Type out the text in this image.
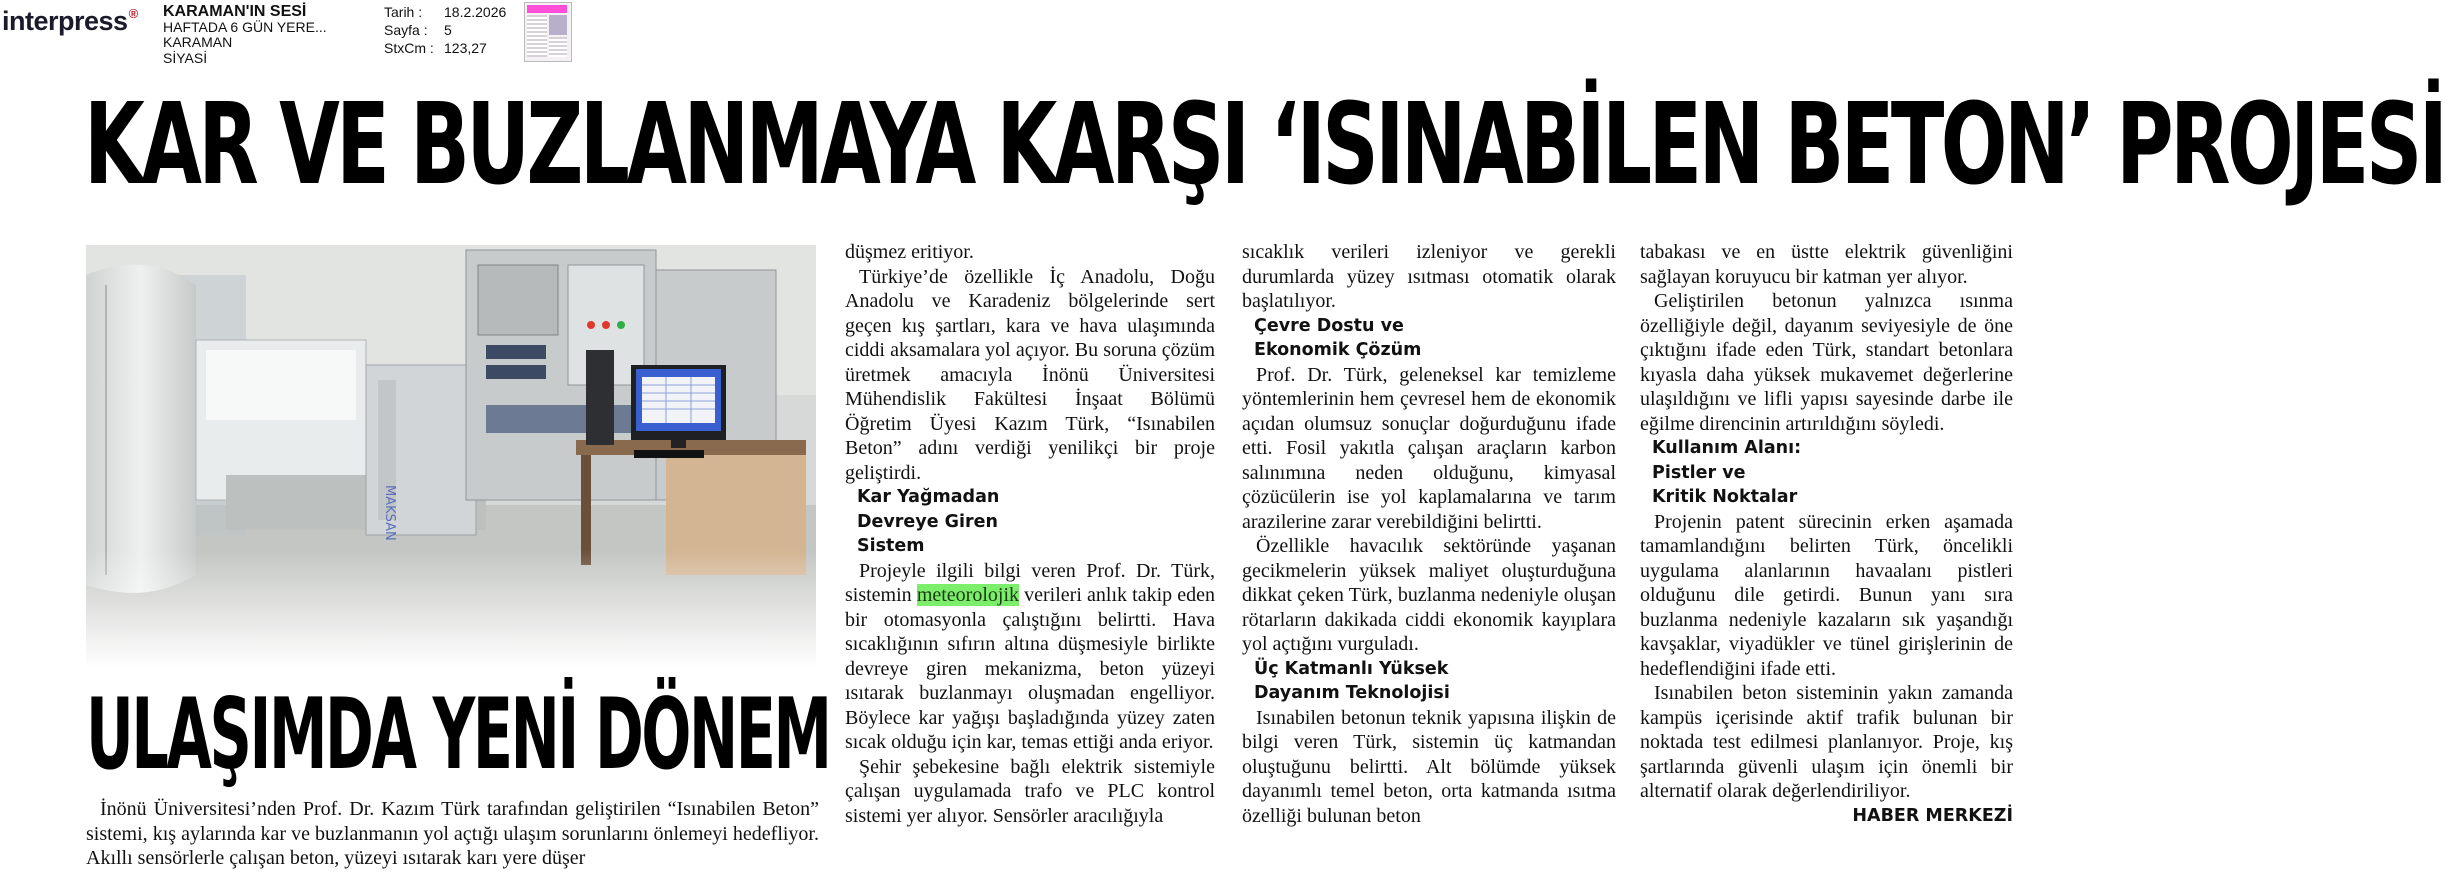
interpress® KARAMAN'IN SESİ
HAFTADA 6 GÜN YERE...
KARAMAN
SİYASİ
Tarih :	18.2.2026
Sayfa :	5
StxCm : 123,27
KAR VE BUZLANMAYA KARŞI ‘ISINABİLEN BETON’ PROJESİ
ULAŞIMDA YENİ DÖNEM

İnönü Üniversitesi’nden Prof. Dr. Kazım Türk tarafından geliştirilen “Isınabilen Beton” sistemi, kış aylarında kar ve buzlanmanın yol açtığı ulaşım sorunlarını önlemeyi hedefliyor. Akıllı sensörlerle çalışan beton, yüzeyi ısıtarak karı yere düşer

düşmez eritiyor.

Türkiye’de özellikle İç Anadolu, Doğu Anadolu ve Karadeniz bölgelerinde sert geçen kış şartları, kara ve hava ulaşımında ciddi aksamalara yol açıyor. Bu soruna çözüm üretmek amacıyla İnönü Üniversitesi Mühendislik Fakültesi İnşaat Bölümü Öğretim Üyesi Kazım Türk, “Isınabilen Beton” adını verdiği yenilikçi bir proje geliştirdi.

Kar Yağmadan
Devreye Giren
Sistem

Projeyle ilgili bilgi veren Prof. Dr. Türk, sistemin meteorolojik verileri anlık takip eden bir otomasyonla çalıştığını belirtti. Hava sıcaklığının sıfırın altına düşmesiyle birlikte devreye giren mekanizma, beton yüzeyi ısıtarak buzlanmayı oluşmadan engelliyor. Böylece kar yağışı başladığında yüzey zaten sıcak olduğu için kar, temas ettiği anda eriyor.

Şehir şebekesine bağlı elektrik sistemiyle çalışan uygulamada trafo ve PLC kontrol sistemi yer alıyor. Sensörler aracılığıyla

sıcaklık verileri izleniyor ve gerekli durumlarda yüzey ısıtması otomatik olarak başlatılıyor.

Çevre Dostu ve
Ekonomik Çözüm

Prof. Dr. Türk, geleneksel kar temizleme yöntemlerinin hem çevresel hem de ekonomik açıdan olumsuz sonuçlar doğurduğunu ifade etti. Fosil yakıtla çalışan araçların karbon salınımına neden olduğunu, kimyasal çözücülerin ise yol kaplamalarına ve tarım arazilerine zarar verebildiğini belirtti.

Özellikle havacılık sektöründe yaşanan gecikmelerin yüksek maliyet oluşturduğuna dikkat çeken Türk, buzlanma nedeniyle oluşan rötarların dakikada ciddi ekonomik kayıplara yol açtığını vurguladı.

Üç Katmanlı Yüksek
Dayanım Teknolojisi

Isınabilen betonun teknik yapısına ilişkin de bilgi veren Türk, sistemin üç katmandan oluştuğunu belirtti. Alt bölümde yüksek dayanımlı temel beton, orta katmanda ısıtma özelliği bulunan beton

tabakası ve en üstte elektrik güvenliğini sağlayan koruyucu bir katman yer alıyor.

Geliştirilen betonun yalnızca ısınma özelliğiyle değil, dayanım seviyesiyle de öne çıktığını ifade eden Türk, standart betonlara kıyasla daha yüksek mukavemet değerlerine ulaşıldığını ve lifli yapısı sayesinde darbe ile eğilme direncinin artırıldığını söyledi.

Kullanım Alanı:
Pistler ve
Kritik Noktalar

Projenin patent sürecinin erken aşamada tamamlandığını belirten Türk, öncelikli uygulama alanlarının havaalanı pistleri olduğunu dile getirdi. Bunun yanı sıra buzlanma nedeniyle kazaların sık yaşandığı kavşaklar, viyadükler ve tünel girişlerinin de hedeflendiğini ifade etti.

Isınabilen beton sisteminin yakın zamanda kampüs içerisinde aktif trafik bulunan bir noktada test edilmesi planlanıyor. Proje, kış şartlarında güvenli ulaşım için önemli bir alternatif olarak değerlendiriliyor.
HABER MERKEZİ
